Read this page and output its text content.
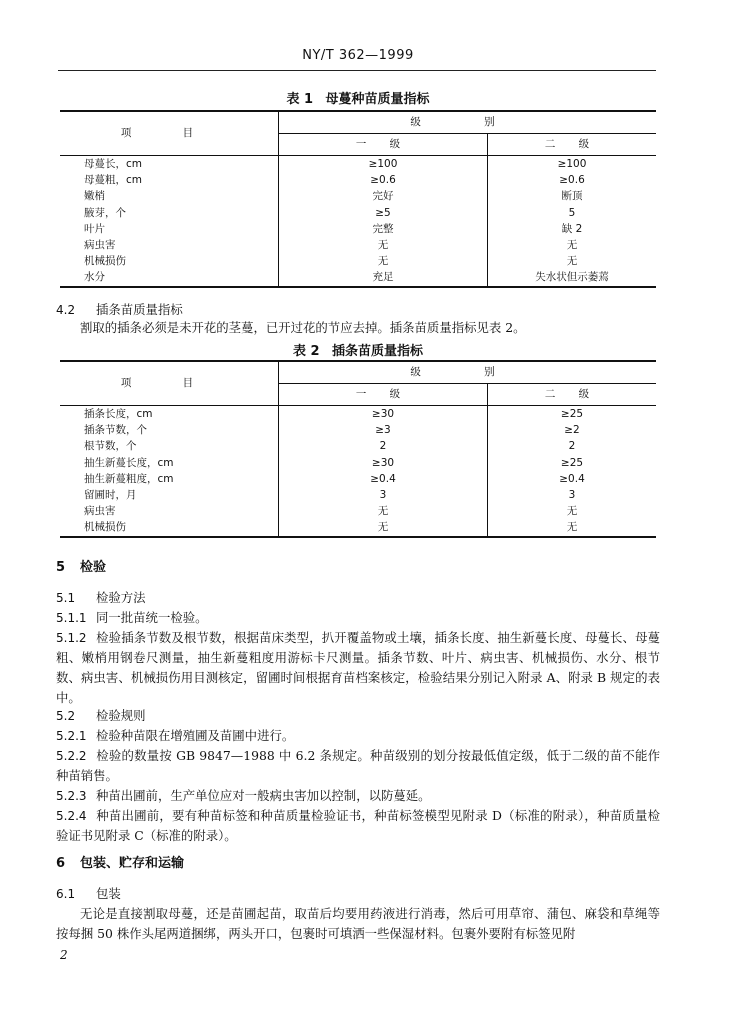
NY/T 362—1999
表 1 母蔓种苗质量指标
项 目	级 别	
	一 级	二 级
母蔓长，cm	≥100	≥100
母蔓粗，cm	≥0.6	≥0.6
嫩梢	完好	断顶
腋芽，个	≥5	5
叶片	完整	缺 2
病虫害	无	无
机械损伤	无	无
水分	充足	失水状但示萎蔫
4.2 插条苗质量指标
割取的插条必须是未开花的茎蔓，已开过花的节应去掉。插条苗质量指标见表 2。
表 2 插条苗质量指标
项 目	级 别	
	一 级	二 级
插条长度，cm	≥30	≥25
插条节数，个	≥3	≥2
根节数，个	2	2
抽生新蔓长度，cm	≥30	≥25
抽生新蔓粗度，cm	≥0.4	≥0.4
留圃时，月	3	3
病虫害	无	无
机械损伤	无	无
5 检验
5.1 检验方法
5.1.1 同一批苗统一检验。
5.1.2 检验插条节数及根节数，根据苗床类型，扒开覆盖物或土壤，插条长度、抽生新蔓长度、母蔓长、母蔓粗、嫩梢用钢卷尺测量，抽生新蔓粗度用游标卡尺测量。插条节数、叶片、病虫害、机械损伤、水分、根节数、病虫害、机械损伤用目测核定，留圃时间根据育苗档案核定，检验结果分别记入附录 A、附录 B 规定的表中。
5.2 检验规则
5.2.1 检验种苗限在增殖圃及苗圃中进行。
5.2.2 检验的数量按 GB 9847—1988 中 6.2 条规定。种苗级别的划分按最低值定级，低于二级的苗不能作种苗销售。
5.2.3 种苗出圃前，生产单位应对一般病虫害加以控制，以防蔓延。
5.2.4 种苗出圃前，要有种苗标签和种苗质量检验证书，种苗标签模型见附录 D（标准的附录），种苗质量检验证书见附录 C（标准的附录）。
6 包装、贮存和运输
6.1 包装
无论是直接割取母蔓，还是苗圃起苗，取苗后均要用药液进行消毒，然后可用草帘、蒲包、麻袋和草绳等按每捆 50 株作头尾两道捆绑，两头开口，包裹时可填洒一些保湿材料。包裹外要附有标签见附
2
